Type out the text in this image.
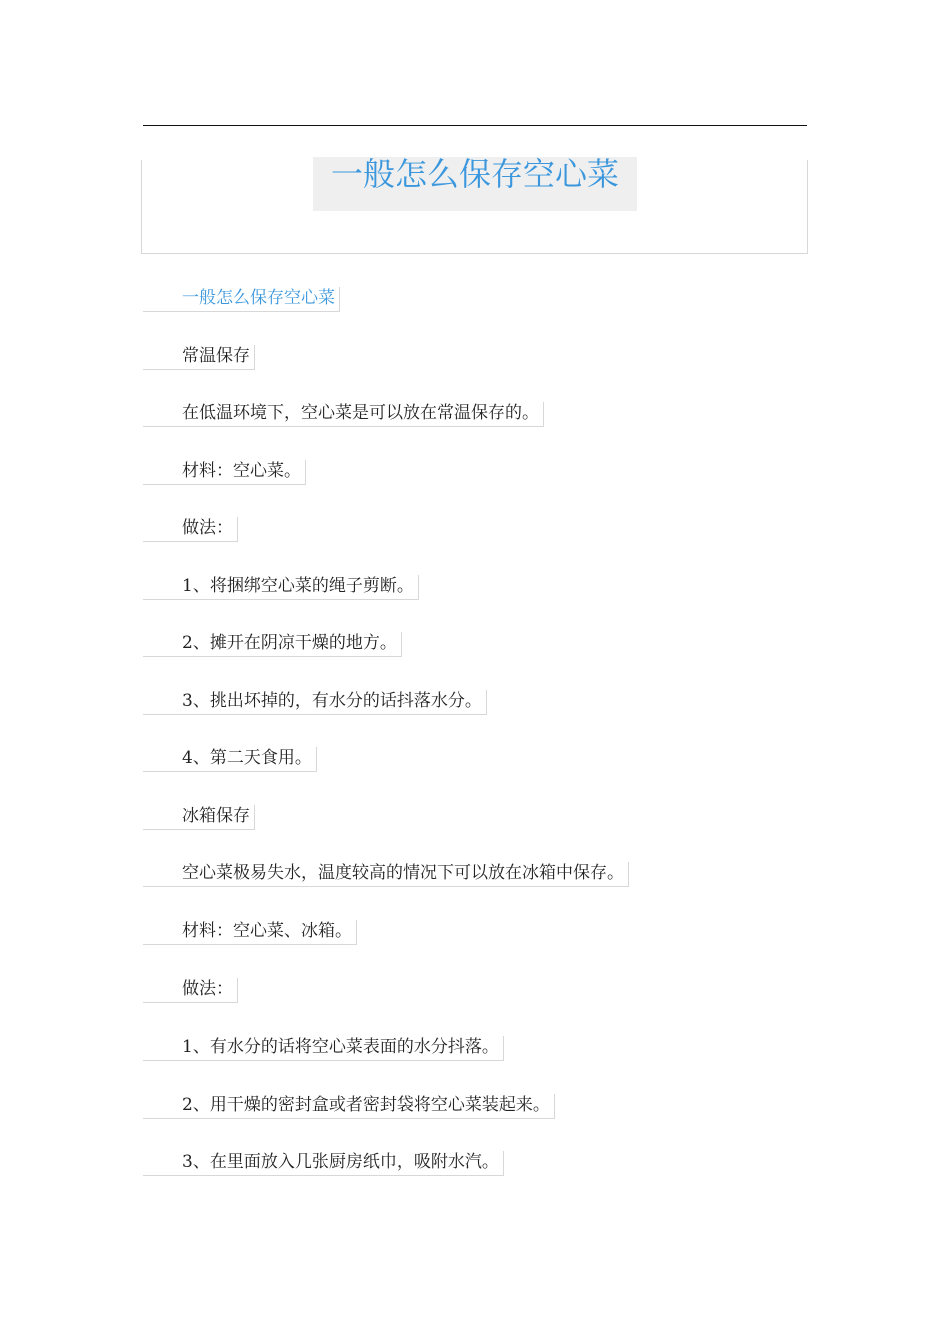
一般怎么保存空心菜
一般怎么保存空心菜
常温保存
在低温环境下，空心菜是可以放在常温保存的。
材料：空心菜。
做法：
1、将捆绑空心菜的绳子剪断。
2、摊开在阴凉干燥的地方。
3、挑出坏掉的，有水分的话抖落水分。
4、第二天食用。
冰箱保存
空心菜极易失水，温度较高的情况下可以放在冰箱中保存。
材料：空心菜、冰箱。
做法：
1、有水分的话将空心菜表面的水分抖落。
2、用干燥的密封盒或者密封袋将空心菜装起来。
3、在里面放入几张厨房纸巾，吸附水汽。
